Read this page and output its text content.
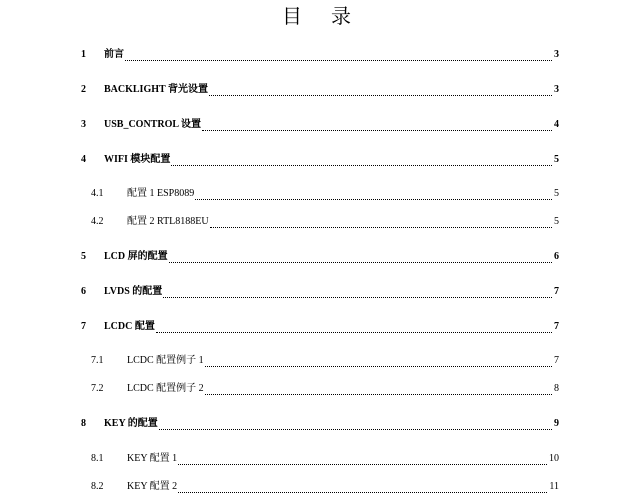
目 录
1 前言	3
2 BACKLIGHT 背光设置	3
3 USB_CONTROL 设置	4
4 WIFI 模块配置	5
4.1 配置 1 ESP8089	5
4.2 配置 2 RTL8188EU	5
5 LCD 屏的配置	6
6 LVDS 的配置	7
7 LCDC 配置	7
7.1 LCDC 配置例子 1	7
7.2 LCDC 配置例子 2	8
8 KEY 的配置	9
8.1 KEY 配置 1	10
8.2 KEY 配置 2	11
